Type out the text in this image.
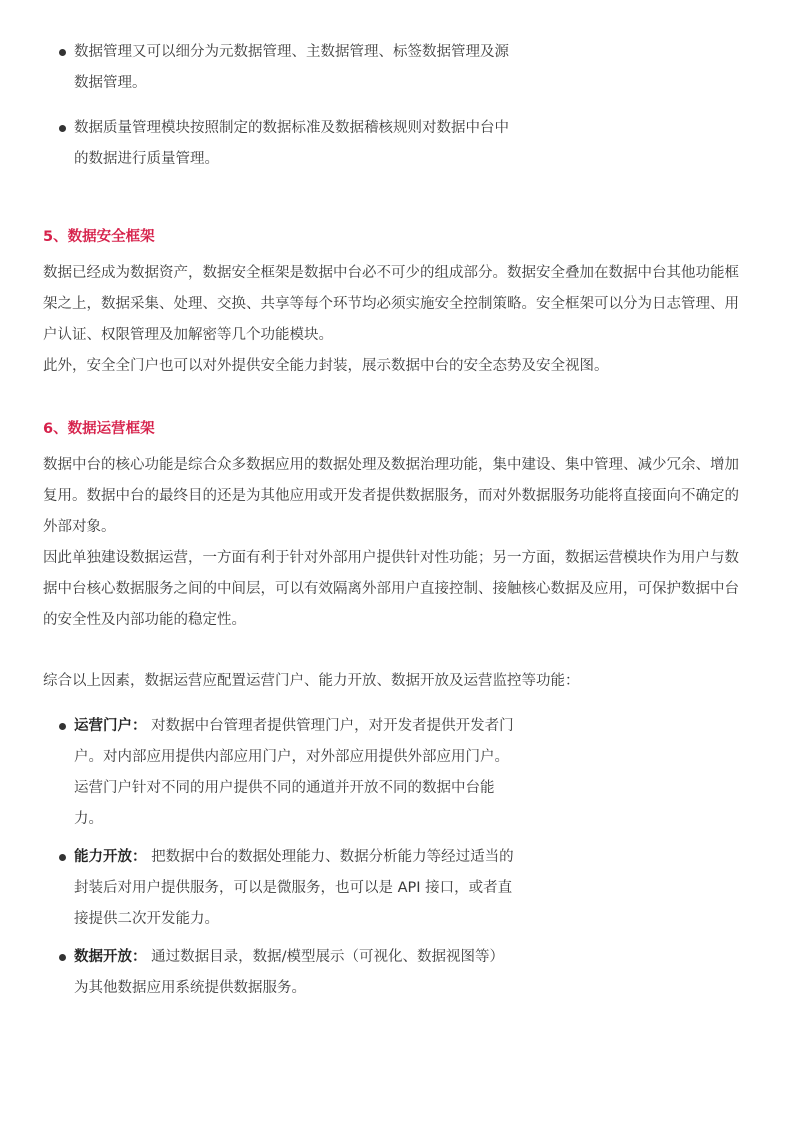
数据管理又可以细分为元数据管理、主数据管理、标签数据管理及源数据管理。
数据质量管理模块按照制定的数据标准及数据稽核规则对数据中台中的数据进行质量管理。
5、数据安全框架

数据已经成为数据资产，数据安全框架是数据中台必不可少的组成部分。数据安全叠加在数据中台其他功能框架之上，数据采集、处理、交换、共享等每个环节均必须实施安全控制策略。安全框架可以分为日志管理、用户认证、权限管理及加解密等几个功能模块。

此外，安全全门户也可以对外提供安全能力封装，展示数据中台的安全态势及安全视图。

6、数据运营框架

数据中台的核心功能是综合众多数据应用的数据处理及数据治理功能，集中建设、集中管理、减少冗余、增加复用。数据中台的最终目的还是为其他应用或开发者提供数据服务，而对外数据服务功能将直接面向不确定的外部对象。

因此单独建设数据运营，一方面有利于针对外部用户提供针对性功能；另一方面，数据运营模块作为用户与数据中台核心数据服务之间的中间层，可以有效隔离外部用户直接控制、接触核心数据及应用，可保护数据中台的安全性及内部功能的稳定性。

综合以上因素，数据运营应配置运营门户、能力开放、数据开放及运营监控等功能：

运营门户： 对数据中台管理者提供管理门户，对开发者提供开发者门户。对内部应用提供内部应用门户，对外部应用提供外部应用门户。运营门户针对不同的用户提供不同的通道并开放不同的数据中台能力。
能力开放： 把数据中台的数据处理能力、数据分析能力等经过适当的封装后对用户提供服务，可以是微服务，也可以是 API 接口，或者直接提供二次开发能力。
数据开放： 通过数据目录，数据/模型展示（可视化、数据视图等）为其他数据应用系统提供数据服务。
